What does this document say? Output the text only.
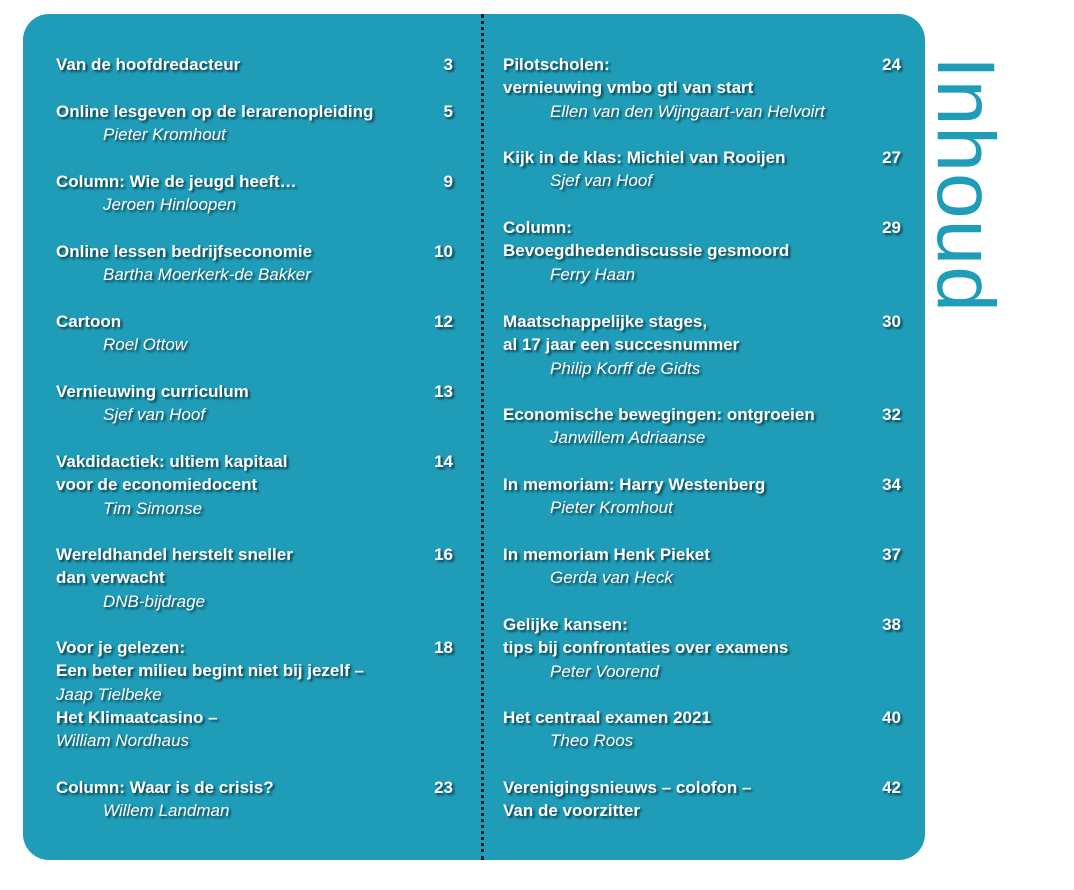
Van de hoofdredacteur	3
Online lesgeven op de lerarenopleiding
Pieter Kromhout
5
Column: Wie de jeugd heeft…
Jeroen Hinloopen
9
Online lessen bedrijfseconomie
Bartha Moerkerk-de Bakker
10
Cartoon
Roel Ottow
12
Vernieuwing curriculum
Sjef van Hoof
13
Vakdidactiek: ultiem kapitaal
voor de economiedocent
Tim Simonse
14
Wereldhandel herstelt sneller
dan verwacht
DNB-bijdrage
16
Voor je gelezen:
Een beter milieu begint niet bij jezelf –
Jaap Tielbeke
Het Klimaatcasino –
William Nordhaus
18
Column: Waar is de crisis?
Willem Landman
23
Pilotscholen:
vernieuwing vmbo gtl van start
Ellen van den Wijngaart-van Helvoirt
24
Kijk in de klas: Michiel van Rooijen
Sjef van Hoof
27
Column:
Bevoegdhedendiscussie gesmoord
Ferry Haan
29
Maatschappelijke stages,
al 17 jaar een succesnummer
Philip Korff de Gidts
30
Economische bewegingen: ontgroeien
Janwillem Adriaanse
32
In memoriam: Harry Westenberg
Pieter Kromhout
34
In memoriam Henk Pieket
Gerda van Heck
37
Gelijke kansen:
tips bij confrontaties over examens
Peter Voorend
38
Het centraal examen 2021
Theo Roos
40
Verenigingsnieuws – colofon –
Van de voorzitter
42
Inhoud
